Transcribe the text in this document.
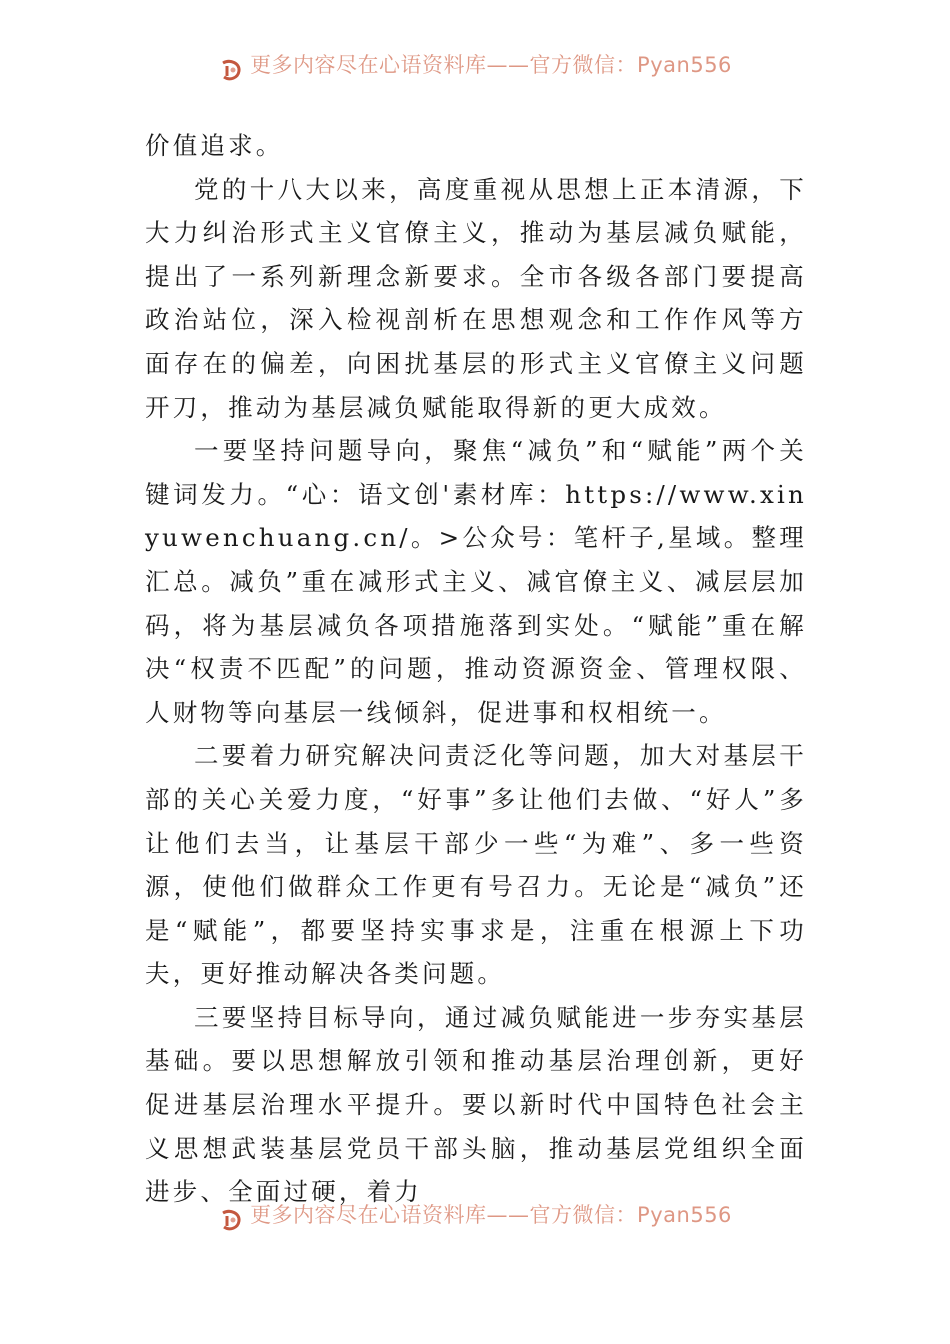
更多内容尽在心语资料库——官方微信：Pyan556

价值追求。

党的十八大以来，高度重视从思想上正本清源，下大力纠治形式主义官僚主义，推动为基层减负赋能，提出了一系列新理念新要求。全市各级各部门要提高政治站位，深入检视剖析在思想观念和工作作风等方面存在的偏差，向困扰基层的形式主义官僚主义问题开刀，推动为基层减负赋能取得新的更大成效。

一要坚持问题导向，聚焦“减负”和“赋能”两个关键词发力。“心：语文创'素材库：https://www.xinyuwenchuang.cn/。>公众号：笔杆子,星域。整理汇总。减负”重在减形式主义、减官僚主义、减层层加码，将为基层减负各项措施落到实处。“赋能”重在解决“权责不匹配”的问题，推动资源资金、管理权限、人财物等向基层一线倾斜，促进事和权相统一。

二要着力研究解决问责泛化等问题，加大对基层干部的关心关爱力度，“好事”多让他们去做、“好人”多让他们去当，让基层干部少一些“为难”、多一些资源，使他们做群众工作更有号召力。无论是“减负”还是“赋能”，都要坚持实事求是，注重在根源上下功夫，更好推动解决各类问题。

三要坚持目标导向，通过减负赋能进一步夯实基层基础。要以思想解放引领和推动基层治理创新，更好促进基层治理水平提升。要以新时代中国特色社会主义思想武装基层党员干部头脑，推动基层党组织全面进步、全面过硬，着力

更多内容尽在心语资料库——官方微信：Pyan556
